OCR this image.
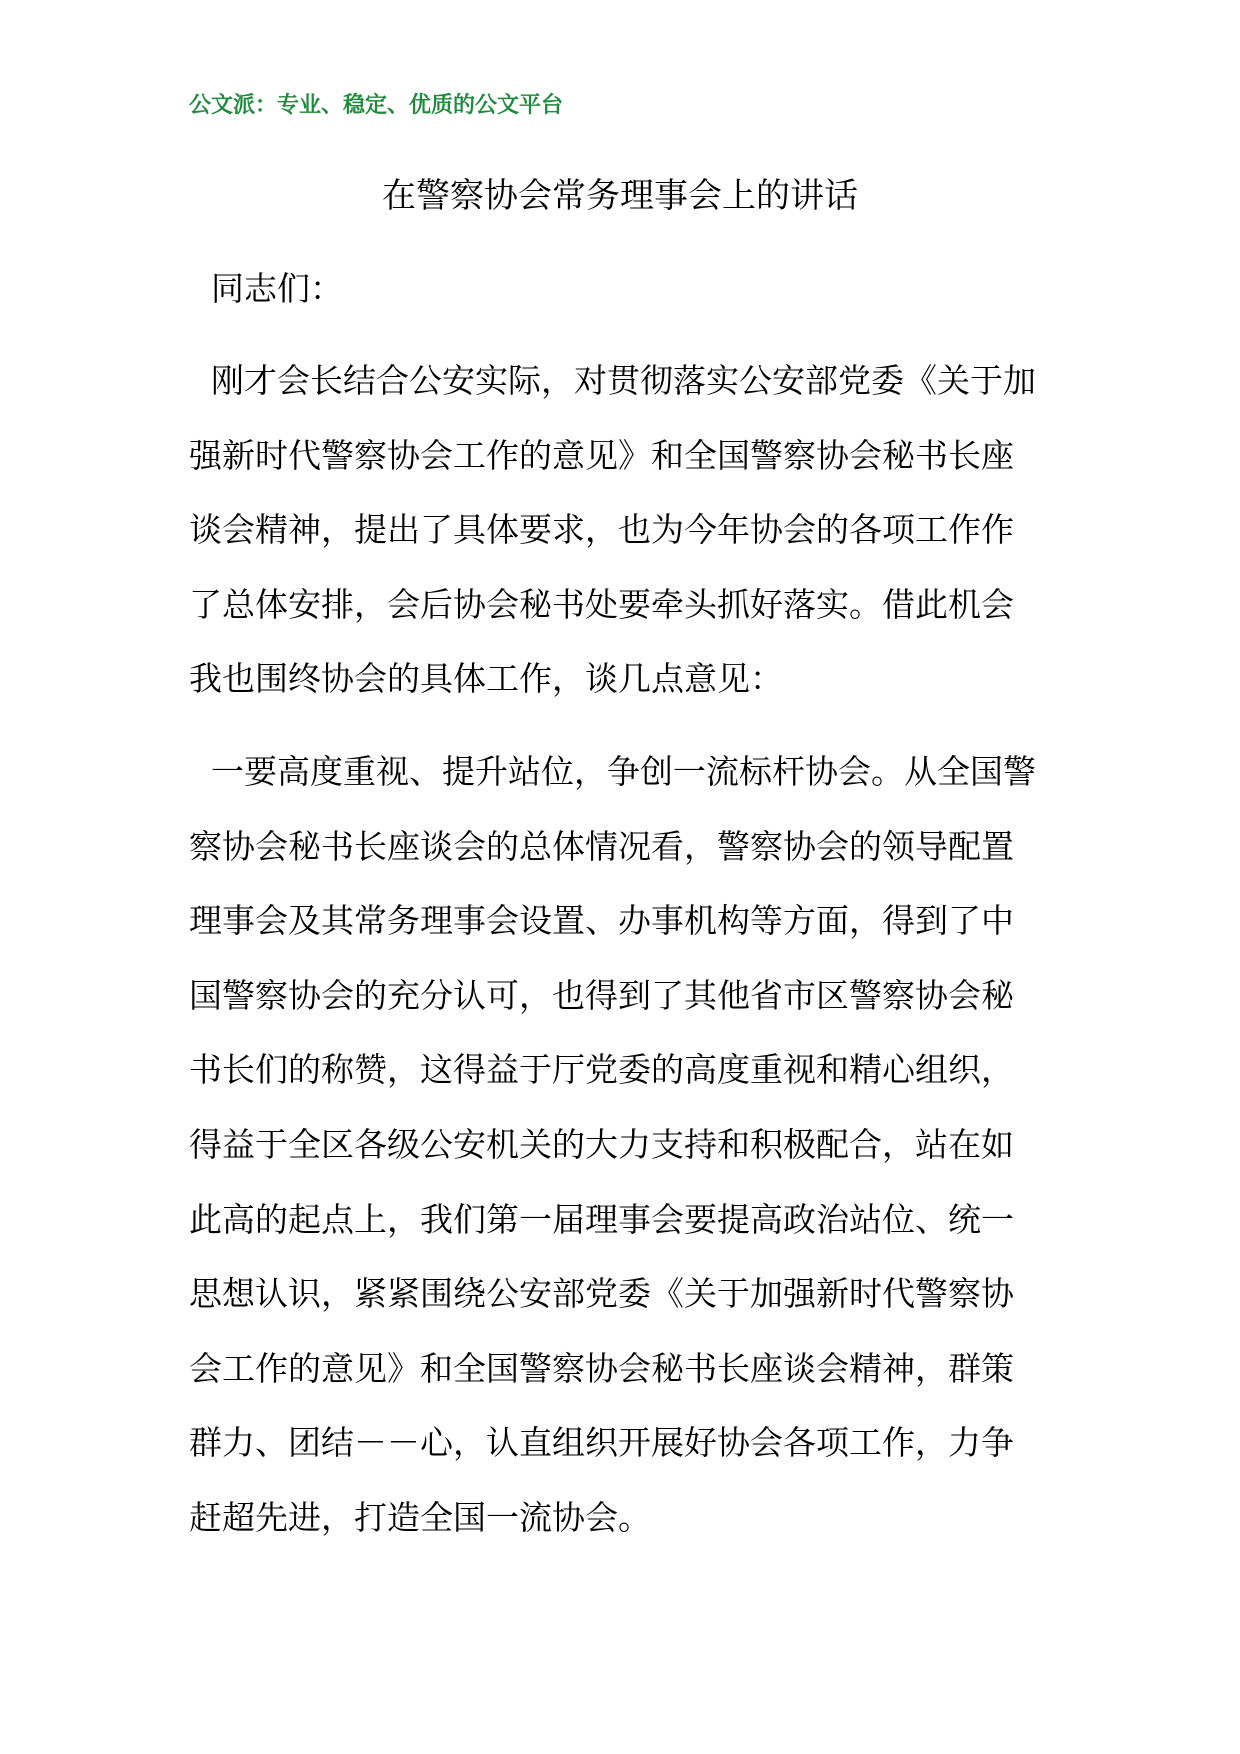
公文派：专业、稳定、优质的公文平台
在警察协会常务理事会上的讲话
同志们：
刚才会长结合公安实际，对贯彻落实公安部党委《关于加
强新时代警察协会工作的意见》和全国警察协会秘书长座
谈会精神，提出了具体要求，也为今年协会的各项工作作
了总体安排，会后协会秘书处要牵头抓好落实。借此机会
我也围终协会的具体工作，谈几点意见：
一要高度重视、提升站位，争创一流标杆协会。从全国警
察协会秘书长座谈会的总体情况看，警察协会的领导配置
理事会及其常务理事会设置、办事机构等方面，得到了中
国警察协会的充分认可，也得到了其他省市区警察协会秘
书长们的称赞，这得益于厅党委的高度重视和精心组织，
得益于全区各级公安机关的大力支持和积极配合，站在如
此高的起点上，我们第一届理事会要提高政治站位、统一
思想认识，紧紧围绕公安部党委《关于加强新时代警察协
会工作的意见》和全国警察协会秘书长座谈会精神，群策
群力、团结－－心，认直组织开展好协会各项工作，力争
赶超先进，打造全国一流协会。
